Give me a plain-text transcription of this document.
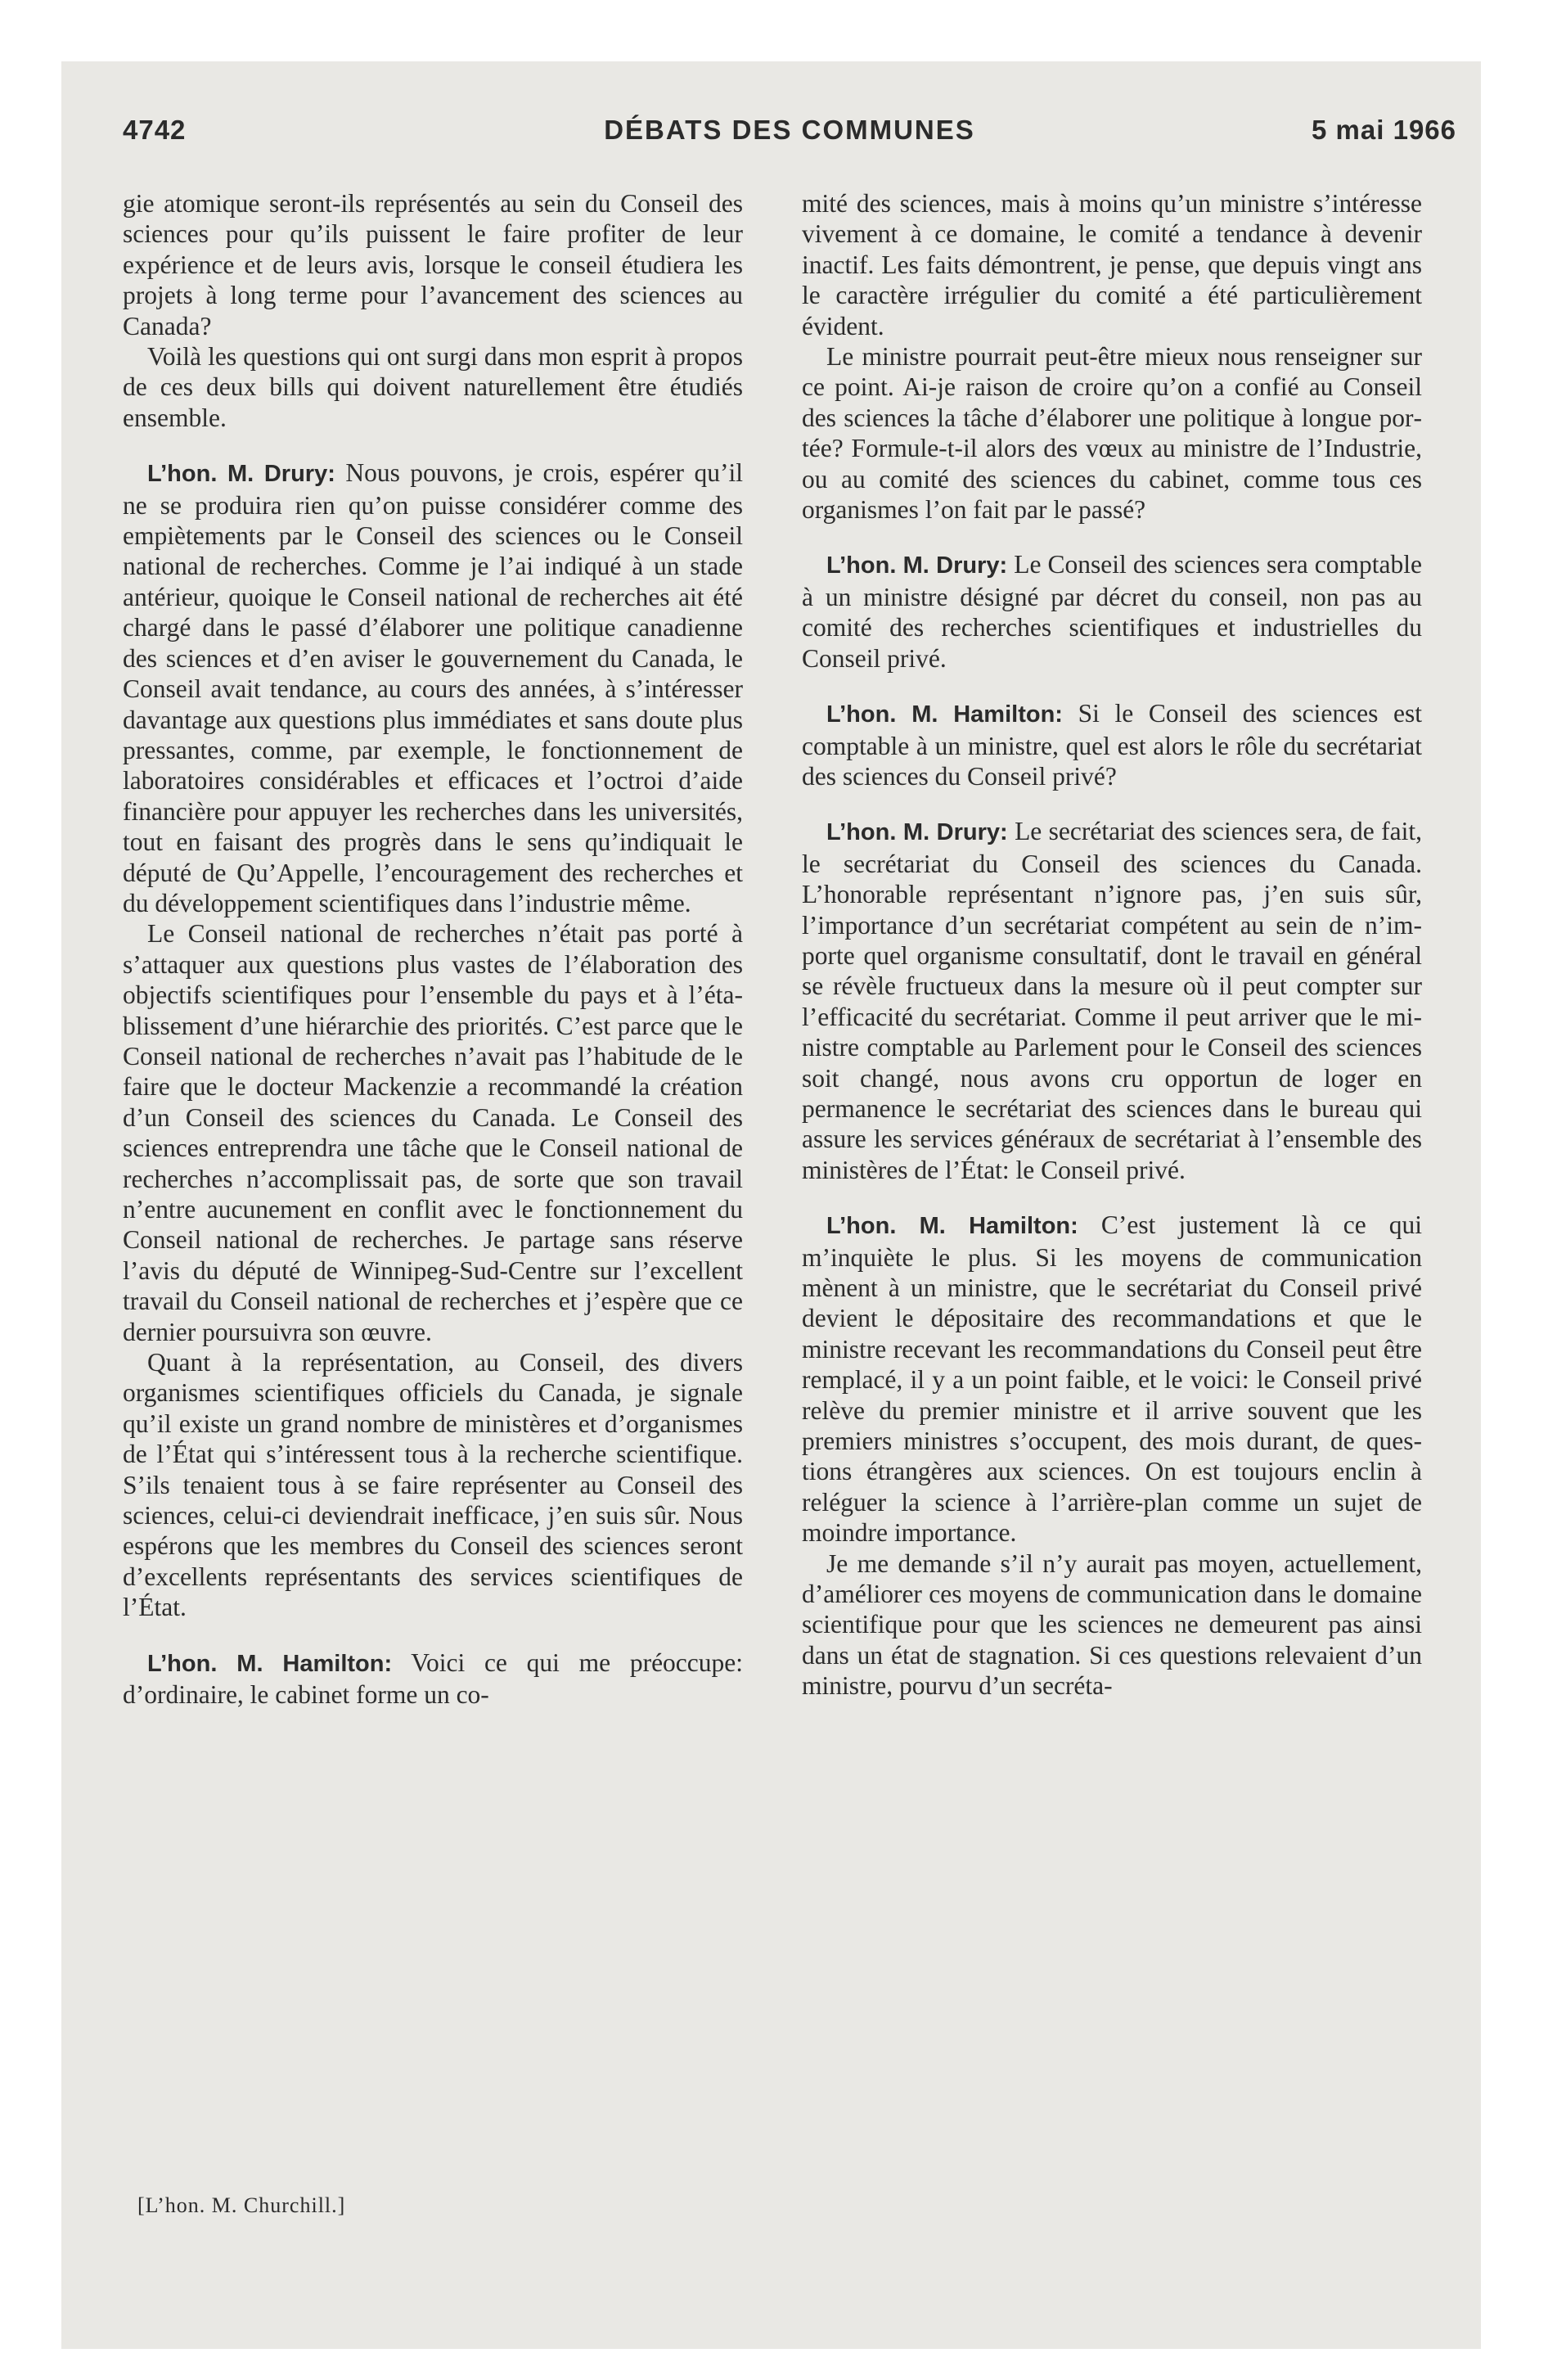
4742	DÉBATS DES COMMUNES	5 mai 1966

gie atomique seront-ils représentés au sein du Conseil des sciences pour qu’ils puissent le faire profiter de leur expérience et de leurs avis, lorsque le conseil étudiera les projets à long terme pour l’avancement des sciences au Canada?

Voilà les questions qui ont surgi dans mon esprit à propos de ces deux bills qui doivent naturellement être étudiés ensemble.

L’hon. M. Drury: Nous pouvons, je crois, espérer qu’il ne se produira rien qu’on puisse considérer comme des empiètements par le Conseil des sciences ou le Conseil national de recherches. Comme je l’ai indiqué à un stade antérieur, quoique le Conseil national de recherches ait été chargé dans le passé d’élaborer une politique canadienne des sciences et d’en aviser le gouvernement du Canada, le Conseil avait tendance, au cours des années, à s’intéresser davantage aux questions plus immédiates et sans doute plus pressantes, comme, par exemple, le fonctionnement de laboratoires considérables et efficaces et l’octroi d’aide financière pour appuyer les recherches dans les universités, tout en faisant des progrès dans le sens qu’indiquait le député de Qu’Appelle, l’encouragement des recherches et du développement scientifiques dans l’industrie même.

Le Conseil national de recherches n’était pas porté à s’attaquer aux questions plus vastes de l’élaboration des objectifs scientifiques pour l’ensemble du pays et à l’établissement d’une hiérarchie des priorités. C’est parce que le Conseil national de recherches n’avait pas l’habitude de le faire que le docteur Mackenzie a recommandé la création d’un Conseil des sciences du Canada. Le Conseil des sciences entreprendra une tâche que le Conseil national de recherches n’accomplissait pas, de sorte que son travail n’entre aucunement en conflit avec le fonctionnement du Conseil national de recherches. Je partage sans réserve l’avis du député de Winnipeg-Sud-Centre sur l’excellent travail du Conseil national de recherches et j’espère que ce dernier poursuivra son œuvre.

Quant à la représentation, au Conseil, des divers organismes scientifiques officiels du Canada, je signale qu’il existe un grand nombre de ministères et d’organismes de l’État qui s’intéressent tous à la recherche scientifique. S’ils tenaient tous à se faire représenter au Conseil des sciences, celui-ci deviendrait inefficace, j’en suis sûr. Nous espérons que les membres du Conseil des sciences seront d’excellents représentants des services scientifiques de l’État.

L’hon. M. Hamilton: Voici ce qui me préoccupe: d’ordinaire, le cabinet forme un co-

mité des sciences, mais à moins qu’un ministre s’intéresse vivement à ce domaine, le comité a tendance à devenir inactif. Les faits démontrent, je pense, que depuis vingt ans le caractère irrégulier du comité a été particulièrement évident.

Le ministre pourrait peut-être mieux nous renseigner sur ce point. Ai-je raison de croire qu’on a confié au Conseil des sciences la tâche d’élaborer une politique à longue portée? Formule-t-il alors des vœux au ministre de l’Industrie, ou au comité des sciences du cabinet, comme tous ces organismes l’on fait par le passé?

L’hon. M. Drury: Le Conseil des sciences sera comptable à un ministre désigné par décret du conseil, non pas au comité des recherches scientifiques et industrielles du Conseil privé.

L’hon. M. Hamilton: Si le Conseil des sciences est comptable à un ministre, quel est alors le rôle du secrétariat des sciences du Conseil privé?

L’hon. M. Drury: Le secrétariat des sciences sera, de fait, le secrétariat du Conseil des sciences du Canada. L’honorable représentant n’ignore pas, j’en suis sûr, l’importance d’un secrétariat compétent au sein de n’importe quel organisme consultatif, dont le travail en général se révèle fructueux dans la mesure où il peut compter sur l’efficacité du secrétariat. Comme il peut arriver que le ministre comptable au Parlement pour le Conseil des sciences soit changé, nous avons cru opportun de loger en permanence le secrétariat des sciences dans le bureau qui assure les services généraux de secrétariat à l’ensemble des ministères de l’État: le Conseil privé.

L’hon. M. Hamilton: C’est justement là ce qui m’inquiète le plus. Si les moyens de communication mènent à un ministre, que le secrétariat du Conseil privé devient le dépositaire des recommandations et que le ministre recevant les recommandations du Conseil peut être remplacé, il y a un point faible, et le voici: le Conseil privé relève du premier ministre et il arrive souvent que les premiers ministres s’occupent, des mois durant, de questions étrangères aux sciences. On est toujours enclin à reléguer la science à l’arrière-plan comme un sujet de moindre importance.

Je me demande s’il n’y aurait pas moyen, actuellement, d’améliorer ces moyens de communication dans le domaine scientifique pour que les sciences ne demeurent pas ainsi dans un état de stagnation. Si ces questions relevaient d’un ministre, pourvu d’un secréta-

[L’hon. M. Churchill.]
